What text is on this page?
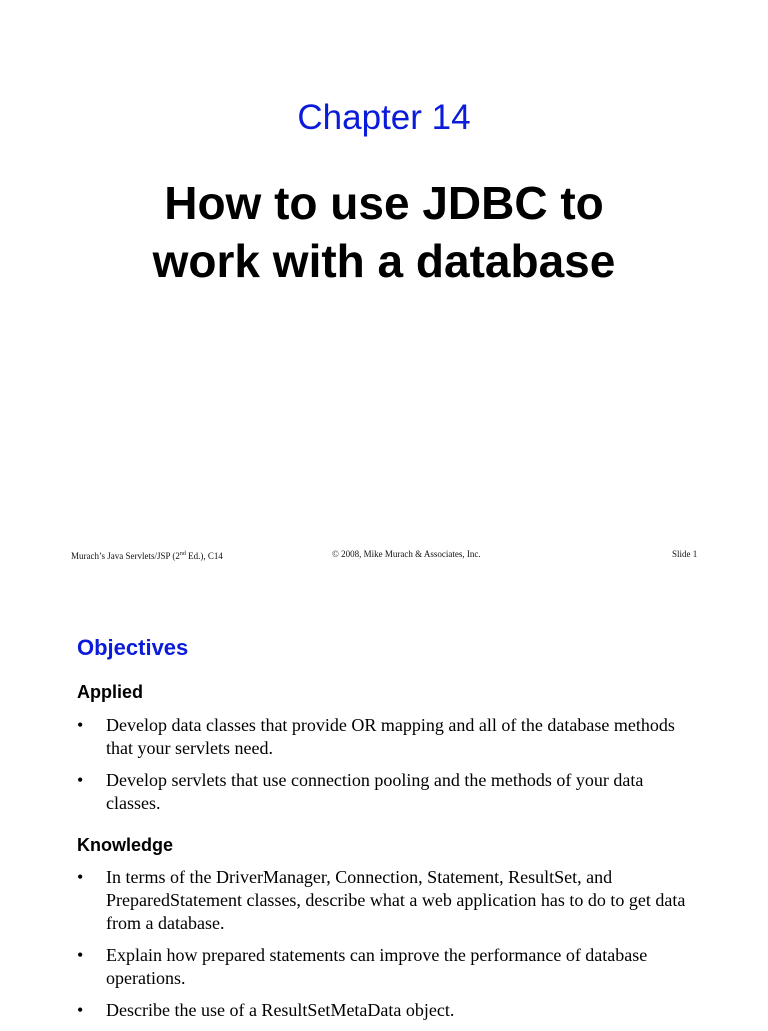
Chapter 14
How to use JDBC to
work with a database
Murach’s Java Servlets/JSP (2nd Ed.), C14	© 2008, Mike Murach & Associates, Inc.	Slide 1
Objectives
Applied
• Develop data classes that provide OR mapping and all of the database methods that your servlets need.
• Develop servlets that use connection pooling and the methods of your data classes.
Knowledge
• In terms of the DriverManager, Connection, Statement, ResultSet, and PreparedStatement classes, describe what a web application has to do to get data from a database.
• Explain how prepared statements can improve the performance of database operations.
• Describe the use of a ResultSetMetaData object.
